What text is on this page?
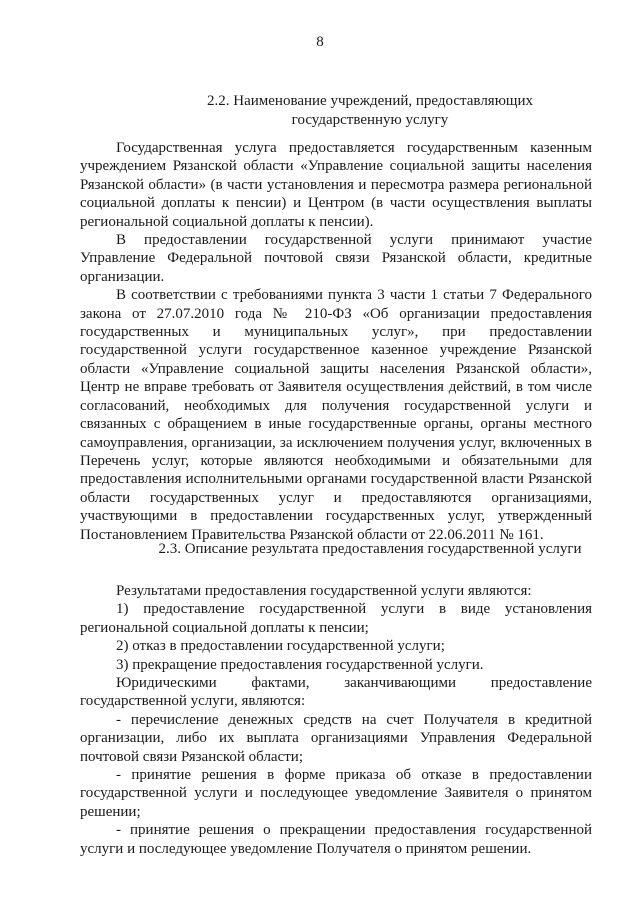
8
2.2. Наименование учреждений, предоставляющих
государственную услугу

Государственная услуга предоставляется государственным казенным учреждением Рязанской области «Управление социальной защиты населения Рязанской области» (в части установления и пересмотра размера региональной социальной доплаты к пенсии) и Центром (в части осуществления выплаты региональной социальной доплаты к пенсии).

В предоставлении государственной услуги принимают участие Управление Федеральной почтовой связи Рязанской области, кредитные организации.

В соответствии с требованиями пункта 3 части 1 статьи 7 Федерального закона от 27.07.2010 года № 210-ФЗ «Об организации предоставления государственных и муниципальных услуг», при предоставлении государственной услуги государственное казенное учреждение Рязанской области «Управление социальной защиты населения Рязанской области», Центр не вправе требовать от Заявителя осуществления действий, в том числе согласований, необходимых для получения государственной услуги и связанных с обращением в иные государственные органы, органы местного самоуправления, организации, за исключением получения услуг, включенных в Перечень услуг, которые являются необходимыми и обязательными для предоставления исполнительными органами государственной власти Рязанской области государственных услуг и предоставляются организациями, участвующими в предоставлении государственных услуг, утвержденный Постановлением Правительства Рязанской области от 22.06.2011 № 161.

2.3. Описание результата предоставления государственной услуги

Результатами предоставления государственной услуги являются:

1) предоставление государственной услуги в виде установления региональной социальной доплаты к пенсии;

2) отказ в предоставлении государственной услуги;

3) прекращение предоставления государственной услуги.

Юридическими фактами, заканчивающими предоставление государственной услуги, являются:

- перечисление денежных средств на счет Получателя в кредитной организации, либо их выплата организациями Управления Федеральной почтовой связи Рязанской области;

- принятие решения в форме приказа об отказе в предоставлении государственной услуги и последующее уведомление Заявителя о принятом решении;

- принятие решения о прекращении предоставления государственной услуги и последующее уведомление Получателя о принятом решении.
